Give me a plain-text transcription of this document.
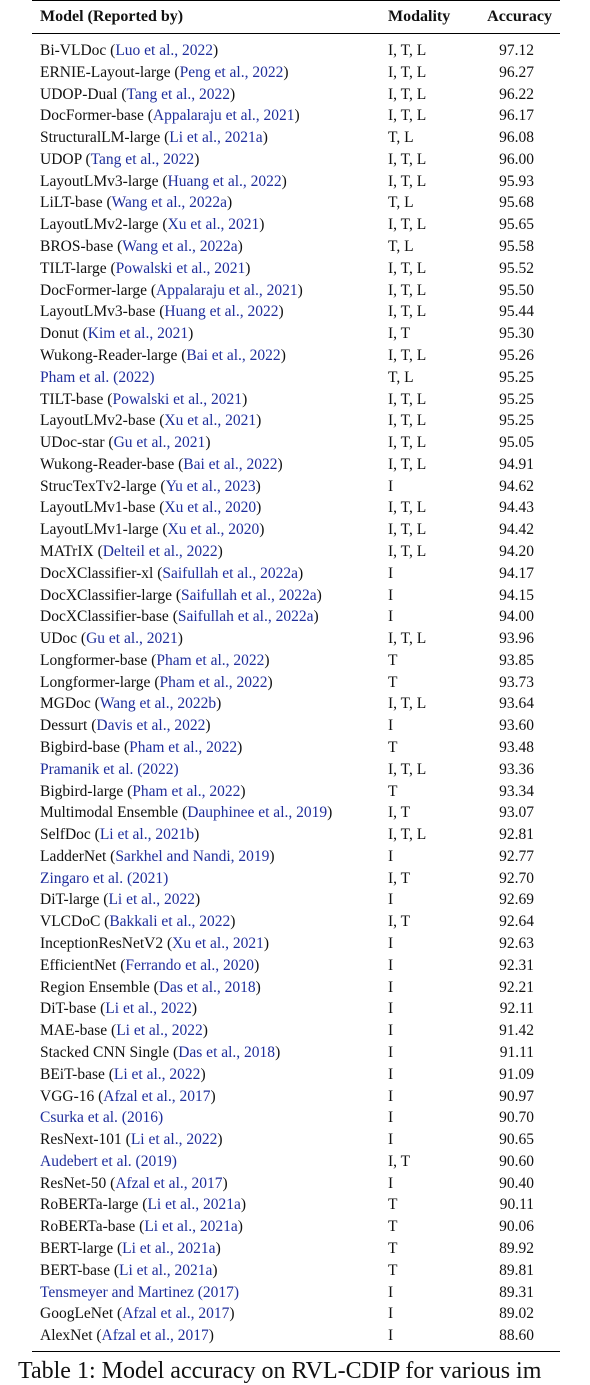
Model (Reported by)	Modality	Accuracy
Bi-VLDoc (Luo et al., 2022)	I, T, L	97.12
ERNIE-Layout-large (Peng et al., 2022)	I, T, L	96.27
UDOP-Dual (Tang et al., 2022)	I, T, L	96.22
DocFormer-base (Appalaraju et al., 2021)	I, T, L	96.17
StructuralLM-large (Li et al., 2021a)	T, L	96.08
UDOP (Tang et al., 2022)	I, T, L	96.00
LayoutLMv3-large (Huang et al., 2022)	I, T, L	95.93
LiLT-base (Wang et al., 2022a)	T, L	95.68
LayoutLMv2-large (Xu et al., 2021)	I, T, L	95.65
BROS-base (Wang et al., 2022a)	T, L	95.58
TILT-large (Powalski et al., 2021)	I, T, L	95.52
DocFormer-large (Appalaraju et al., 2021)	I, T, L	95.50
LayoutLMv3-base (Huang et al., 2022)	I, T, L	95.44
Donut (Kim et al., 2021)	I, T	95.30
Wukong-Reader-large (Bai et al., 2022)	I, T, L	95.26
Pham et al. (2022)	T, L	95.25
TILT-base (Powalski et al., 2021)	I, T, L	95.25
LayoutLMv2-base (Xu et al., 2021)	I, T, L	95.25
UDoc-star (Gu et al., 2021)	I, T, L	95.05
Wukong-Reader-base (Bai et al., 2022)	I, T, L	94.91
StrucTexTv2-large (Yu et al., 2023)	I	94.62
LayoutLMv1-base (Xu et al., 2020)	I, T, L	94.43
LayoutLMv1-large (Xu et al., 2020)	I, T, L	94.42
MATrIX (Delteil et al., 2022)	I, T, L	94.20
DocXClassifier-xl (Saifullah et al., 2022a)	I	94.17
DocXClassifier-large (Saifullah et al., 2022a)	I	94.15
DocXClassifier-base (Saifullah et al., 2022a)	I	94.00
UDoc (Gu et al., 2021)	I, T, L	93.96
Longformer-base (Pham et al., 2022)	T	93.85
Longformer-large (Pham et al., 2022)	T	93.73
MGDoc (Wang et al., 2022b)	I, T, L	93.64
Dessurt (Davis et al., 2022)	I	93.60
Bigbird-base (Pham et al., 2022)	T	93.48
Pramanik et al. (2022)	I, T, L	93.36
Bigbird-large (Pham et al., 2022)	T	93.34
Multimodal Ensemble (Dauphinee et al., 2019)	I, T	93.07
SelfDoc (Li et al., 2021b)	I, T, L	92.81
LadderNet (Sarkhel and Nandi, 2019)	I	92.77
Zingaro et al. (2021)	I, T	92.70
DiT-large (Li et al., 2022)	I	92.69
VLCDoC (Bakkali et al., 2022)	I, T	92.64
InceptionResNetV2 (Xu et al., 2021)	I	92.63
EfficientNet (Ferrando et al., 2020)	I	92.31
Region Ensemble (Das et al., 2018)	I	92.21
DiT-base (Li et al., 2022)	I	92.11
MAE-base (Li et al., 2022)	I	91.42
Stacked CNN Single (Das et al., 2018)	I	91.11
BEiT-base (Li et al., 2022)	I	91.09
VGG-16 (Afzal et al., 2017)	I	90.97
Csurka et al. (2016)	I	90.70
ResNext-101 (Li et al., 2022)	I	90.65
Audebert et al. (2019)	I, T	90.60
ResNet-50 (Afzal et al., 2017)	I	90.40
RoBERTa-large (Li et al., 2021a)	T	90.11
RoBERTa-base (Li et al., 2021a)	T	90.06
BERT-large (Li et al., 2021a)	T	89.92
BERT-base (Li et al., 2021a)	T	89.81
Tensmeyer and Martinez (2017)	I	89.31
GoogLeNet (Afzal et al., 2017)	I	89.02
AlexNet (Afzal et al., 2017)	I	88.60
Table 1: Model accuracy on RVL-CDIP for various im
